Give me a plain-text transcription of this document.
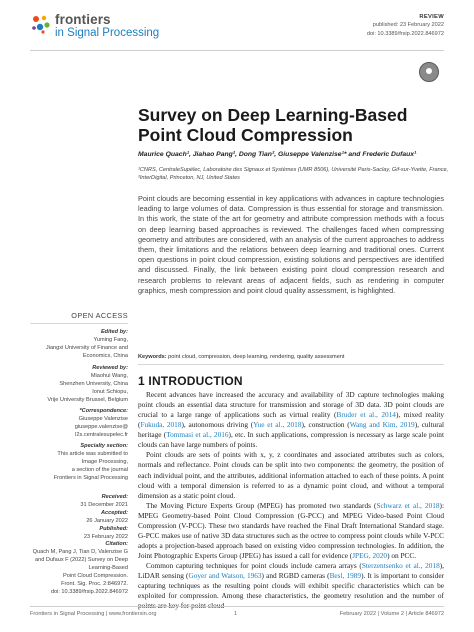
frontiers
in Signal Processing
REVIEW
published: 23 February 2022
doi: 10.3389/frsip.2022.846972
Survey on Deep Learning-Based Point Cloud Compression
Maurice Quach¹, Jiahao Pang², Dong Tian², Giuseppe Valenzise¹* and Frederic Dufaux¹
¹CNRS, CentraleSupélec, Laboratoire des Signaux et Systèmes (UMR 8506), Université Paris-Saclay, Gif-sur-Yvette, France,
²InterDigital, Princeton, NJ, United States
Point clouds are becoming essential in key applications with advances in capture technologies leading to large volumes of data. Compression is thus essential for storage and transmission. In this work, the state of the art for geometry and attribute compression methods with a focus on deep learning based approaches is reviewed. The challenges faced when compressing geometry and attributes are considered, with an analysis of the current approaches to address them, their limitations and the relations between deep learning and traditional ones. Current open questions in point cloud compression, existing solutions and perspectives are identified and discussed. Finally, the link between existing point cloud compression research and research problems to relevant areas of adjacent fields, such as rendering in computer graphics, mesh compression and point cloud quality assessment, is highlighted.
Keywords: point cloud, compression, deep learning, rendering, quality assessment
OPEN ACCESS
Edited by:
Yuming Fang,
Jiangxi University of Finance and
Economics, China
Reviewed by:
Miaohui Wang,
Shenzhen University, China
Ionut Schiopu,
Vrije University Brussel, Belgium
*Correspondence:
Giuseppe Valenzise
giuseppe.valenzise@
l2s.centralesupelec.fr
Specialty section:
This article was submitted to
Image Processing,
a section of the journal
Frontiers in Signal Processing
Received:
31 December 2021
Accepted:
26 January 2022
Published:
23 February 2022
Citation:
Quach M, Pang J, Tian D, Valenzise G
and Dufaux F (2022) Survey on Deep
Learning-Based
Point Cloud Compression.
Front. Sig. Proc. 2:846972.
doi: 10.3389/frsip.2022.846972
1 INTRODUCTION

Recent advances have increased the accuracy and availability of 3D capture technologies making point clouds an essential data structure for transmission and storage of 3D data. 3D point clouds are crucial to a large range of applications such as virtual reality (Bruder et al., 2014), mixed reality (Fukuda, 2018), autonomous driving (Yue et al., 2018), construction (Wang and Kim, 2019), cultural heritage (Tommasi et al., 2016), etc. In such applications, compression is necessary as large scale point clouds can have large numbers of points.

Point clouds are sets of points with x, y, z coordinates and associated attributes such as colors, normals and reflectance. Point clouds can be split into two components: the geometry, the position of each individual point, and the attributes, additional information attached to each of these points. A point cloud with a temporal dimension is referred to as a dynamic point cloud, and without a temporal dimension as a static point cloud.

The Moving Picture Experts Group (MPEG) has promoted two standards (Schwarz et al., 2018): MPEG Geometry-based Point Cloud Compression (G-PCC) and MPEG Video-based Point Cloud Compression (V-PCC). These two standards have reached the Final Draft International Standard stage. G-PCC makes use of native 3D data structures such as the octree to compress point clouds while V-PCC adopts a projection-based approach based on existing video compression technologies. In addition, the Joint Photographic Experts Group (JPEG) has issued a call for evidence (JPEG, 2020) on PCC.

Common capturing techniques for point clouds include camera arrays (Sterzentsenko et al., 2018), LiDAR sensing (Goyer and Watson, 1963) and RGBD cameras (Besl, 1989). It is important to consider capturing techniques as the resulting point clouds will exhibit specific characteristics which can be exploited for compression. Among these characteristics, the geometry resolution and the number of

Frontiers in Signal Processing | www.frontiersin.org	1	February 2022 | Volume 2 | Article 846972
